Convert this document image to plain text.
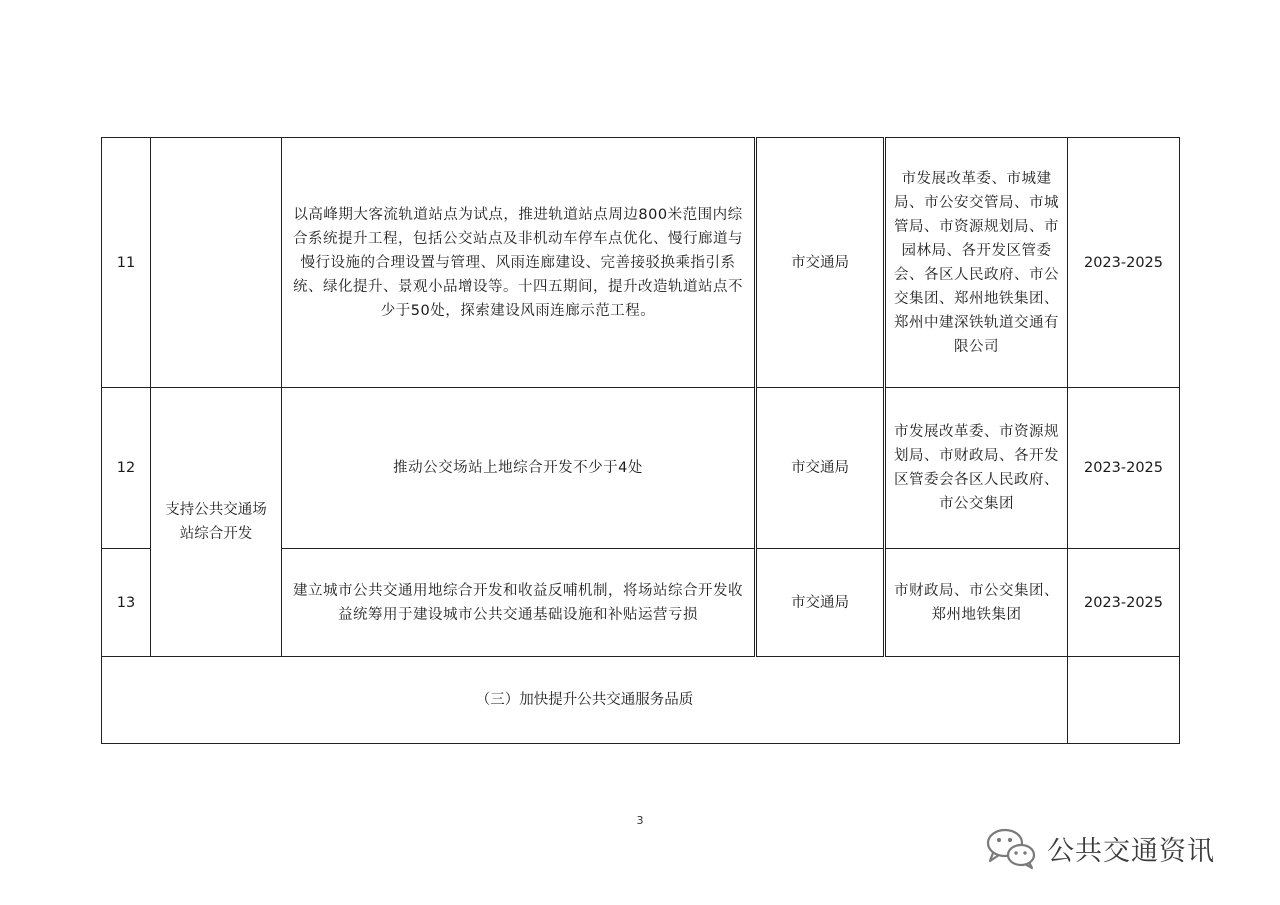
11		以高峰期大客流轨道站点为试点，推进轨道站点周边800米范围内综合系统提升工程，包括公交站点及非机动车停车点优化、慢行廊道与慢行设施的合理设置与管理、风雨连廊建设、完善接驳换乘指引系统、绿化提升、景观小品增设等。十四五期间，提升改造轨道站点不少于50处，探索建设风雨连廊示范工程。	市交通局	市发展改革委、市城建局、市公安交管局、市城管局、市资源规划局、市园林局、各开发区管委会、各区人民政府、市公交集团、郑州地铁集团、郑州中建深铁轨道交通有限公司	2023-2025
12	支持公共交通场站综合开发	推动公交场站上地综合开发不少于4处	市交通局	市发展改革委、市资源规划局、市财政局、各开发区管委会各区人民政府、市公交集团	2023-2025
13		建立城市公共交通用地综合开发和收益反哺机制，将场站综合开发收益统筹用于建设城市公共交通基础设施和补贴运营亏损	市交通局	市财政局、市公交集团、郑州地铁集团	2023-2025
（三）加快提升公共交通服务品质					
3
公共交通资讯
